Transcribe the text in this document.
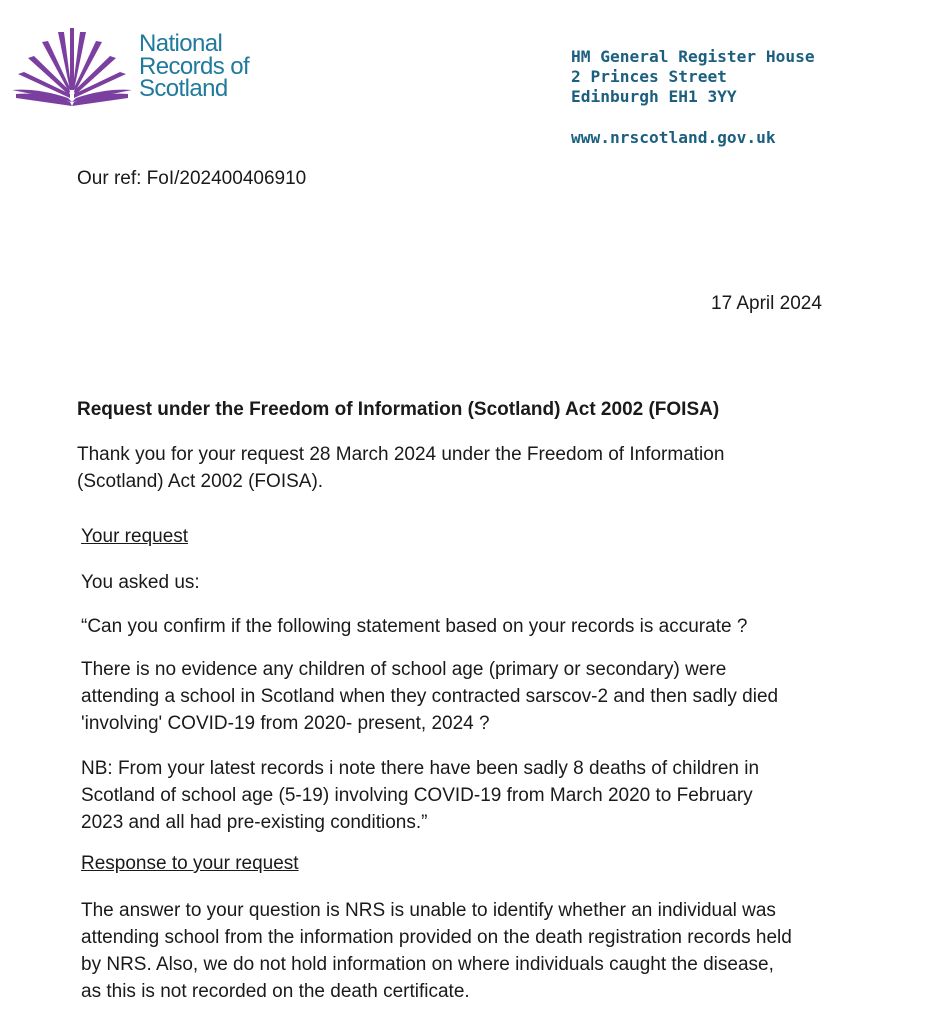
National
Records of
Scotland
HM General Register House
2 Princes Street
Edinburgh EH1 3YY
www.nrscotland.gov.uk
Our ref: FoI/202400406910
17 April 2024
Request under the Freedom of Information (Scotland) Act 2002 (FOISA)
Thank you for your request 28 March 2024 under the Freedom of Information
(Scotland) Act 2002 (FOISA).
Your request
You asked us:
“Can you confirm if the following statement based on your records is accurate ?
There is no evidence any children of school age (primary or secondary) were
attending a school in Scotland when they contracted sarscov-2 and then sadly died
'involving' COVID-19 from 2020- present, 2024 ?
NB: From your latest records i note there have been sadly 8 deaths of children in
Scotland of school age (5-19) involving COVID-19 from March 2020 to February
2023 and all had pre-existing conditions.”
Response to your request
The answer to your question is NRS is unable to identify whether an individual was
attending school from the information provided on the death registration records held
by NRS. Also, we do not hold information on where individuals caught the disease,
as this is not recorded on the death certificate.
